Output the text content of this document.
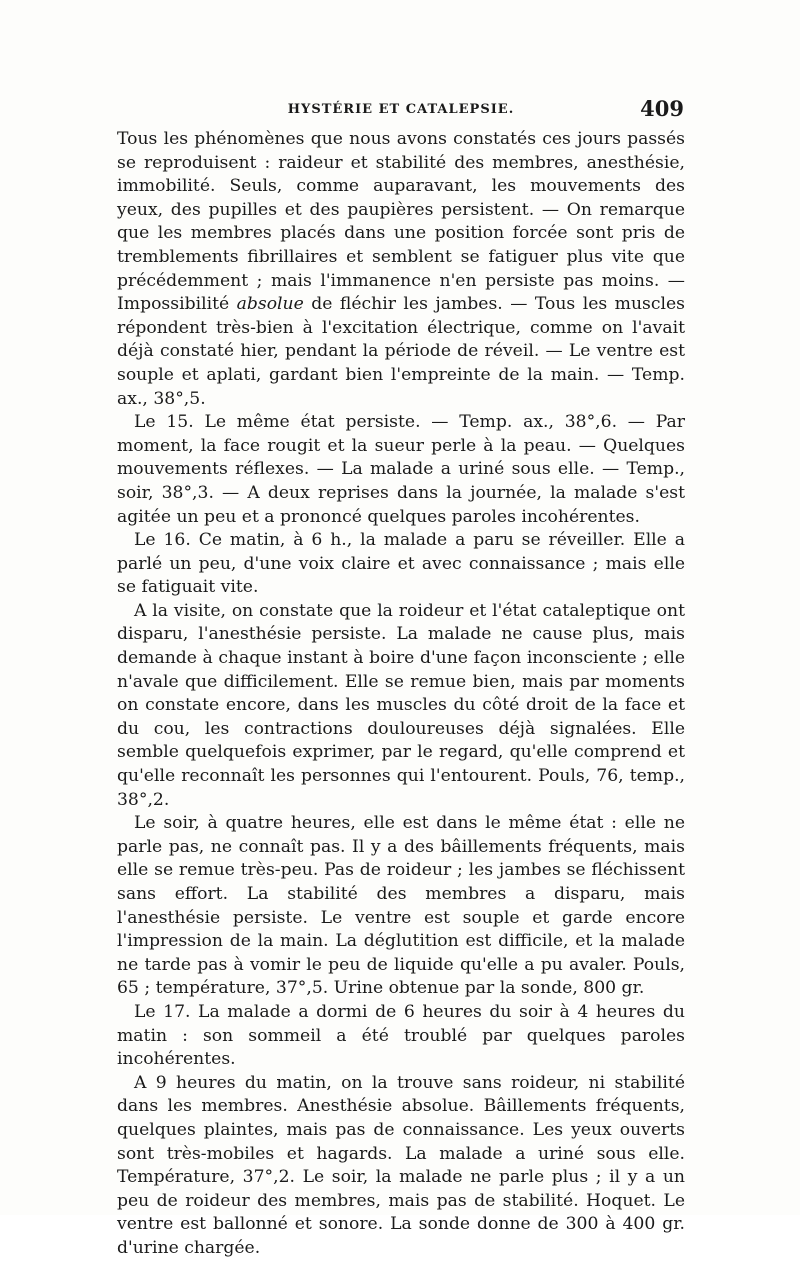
HYSTÉRIE ET CATALEPSIE.	409

Tous les phénomènes que nous avons constatés ces jours passés se reproduisent : raideur et stabilité des membres, anesthésie, immobilité. Seuls, comme auparavant, les mouvements des yeux, des pupilles et des paupières persistent. — On remarque que les membres placés dans une position forcée sont pris de tremblements fibrillaires et semblent se fatiguer plus vite que précédemment ; mais l'immanence n'en persiste pas moins. — Impossibilité absolue de fléchir les jambes. — Tous les muscles répondent très-bien à l'excitation électrique, comme on l'avait déjà constaté hier, pendant la période de réveil. — Le ventre est souple et aplati, gardant bien l'empreinte de la main. — Temp. ax., 38°,5.

Le 15. Le même état persiste. — Temp. ax., 38°,6. — Par moment, la face rougit et la sueur perle à la peau. — Quelques mouvements réflexes. — La malade a uriné sous elle. — Temp., soir, 38°,3. — A deux reprises dans la journée, la malade s'est agitée un peu et a prononcé quelques paroles incohérentes.

Le 16. Ce matin, à 6 h., la malade a paru se réveiller. Elle a parlé un peu, d'une voix claire et avec connaissance ; mais elle se fatiguait vite.

A la visite, on constate que la roideur et l'état cataleptique ont disparu, l'anesthésie persiste. La malade ne cause plus, mais demande à chaque instant à boire d'une façon inconsciente ; elle n'avale que difficilement. Elle se remue bien, mais par moments on constate encore, dans les muscles du côté droit de la face et du cou, les contractions douloureuses déjà signalées. Elle semble quelquefois exprimer, par le regard, qu'elle comprend et qu'elle reconnaît les personnes qui l'entourent. Pouls, 76, temp., 38°,2.

Le soir, à quatre heures, elle est dans le même état : elle ne parle pas, ne connaît pas. Il y a des bâillements fréquents, mais elle se remue très-peu. Pas de roideur ; les jambes se fléchissent sans effort. La stabilité des membres a disparu, mais l'anesthésie persiste. Le ventre est souple et garde encore l'impression de la main. La déglutition est difficile, et la malade ne tarde pas à vomir le peu de liquide qu'elle a pu avaler. Pouls, 65 ; température, 37°,5. Urine obtenue par la sonde, 800 gr.

Le 17. La malade a dormi de 6 heures du soir à 4 heures du matin : son sommeil a été troublé par quelques paroles incohérentes.

A 9 heures du matin, on la trouve sans roideur, ni stabilité dans les membres. Anesthésie absolue. Bâillements fréquents, quelques plaintes, mais pas de connaissance. Les yeux ouverts sont très-mobiles et hagards. La malade a uriné sous elle. Température, 37°,2. Le soir, la malade ne parle plus ; il y a un peu de roideur des membres, mais pas de stabilité. Hoquet. Le ventre est ballonné et sonore. La sonde donne de 300 à 400 gr. d'urine chargée.
